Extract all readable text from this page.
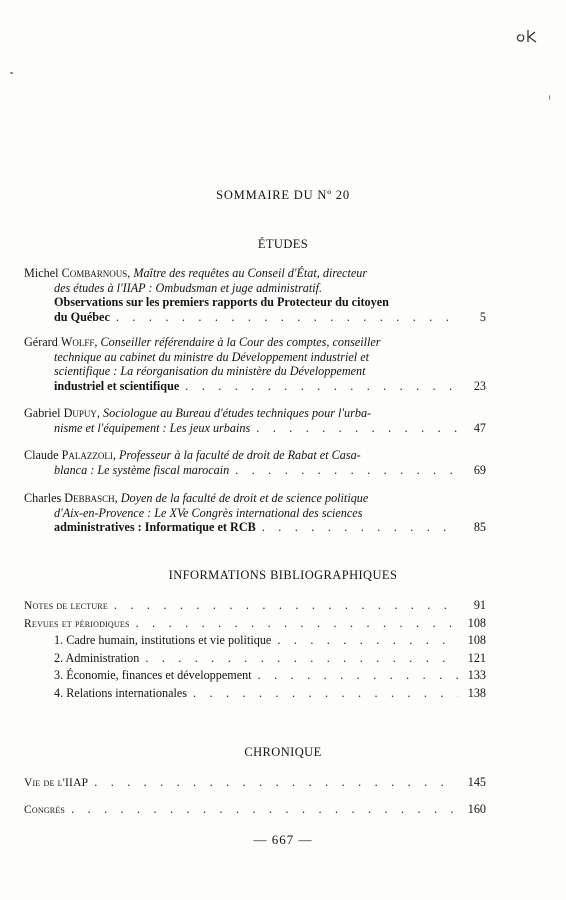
SOMMAIRE DU Nº 20
ÉTUDES
Michel Combarnous, Maître des requêtes au Conseil d'État, directeur
des études à l'IIAP : Ombudsman et juge administratif.
Observations sur les premiers rapports du Protecteur du citoyen
du Québec . . .	5
Gérard Wolff, Conseiller référendaire à la Cour des comptes, conseiller
technique au cabinet du ministre du Développement industriel et
scientifique : La réorganisation du ministère du Développement
industriel et scientifique . . .	23
Gabriel Dupuy, Sociologue au Bureau d'études techniques pour l'urba-
nisme et l'équipement : Les jeux urbains . . .	47
Claude Palazzoli, Professeur à la faculté de droit de Rabat et Casa-
blanca : Le système fiscal marocain . . .	69
Charles Debbasch, Doyen de la faculté de droit et de science politique
d'Aix-en-Provence : Le XVe Congrès international des sciences
administratives : Informatique et RCB . . .	85
INFORMATIONS BIBLIOGRAPHIQUES
Notes de lecture . . .	91
Revues et périodiques . . .	108
1. Cadre humain, institutions et vie politique . . .	108
2. Administration . . .	121
3. Économie, finances et développement . . .	133
4. Relations internationales . . .	138
CHRONIQUE
Vie de l'IIAP . . .	145
Congrès . . .	160
— 667 —
